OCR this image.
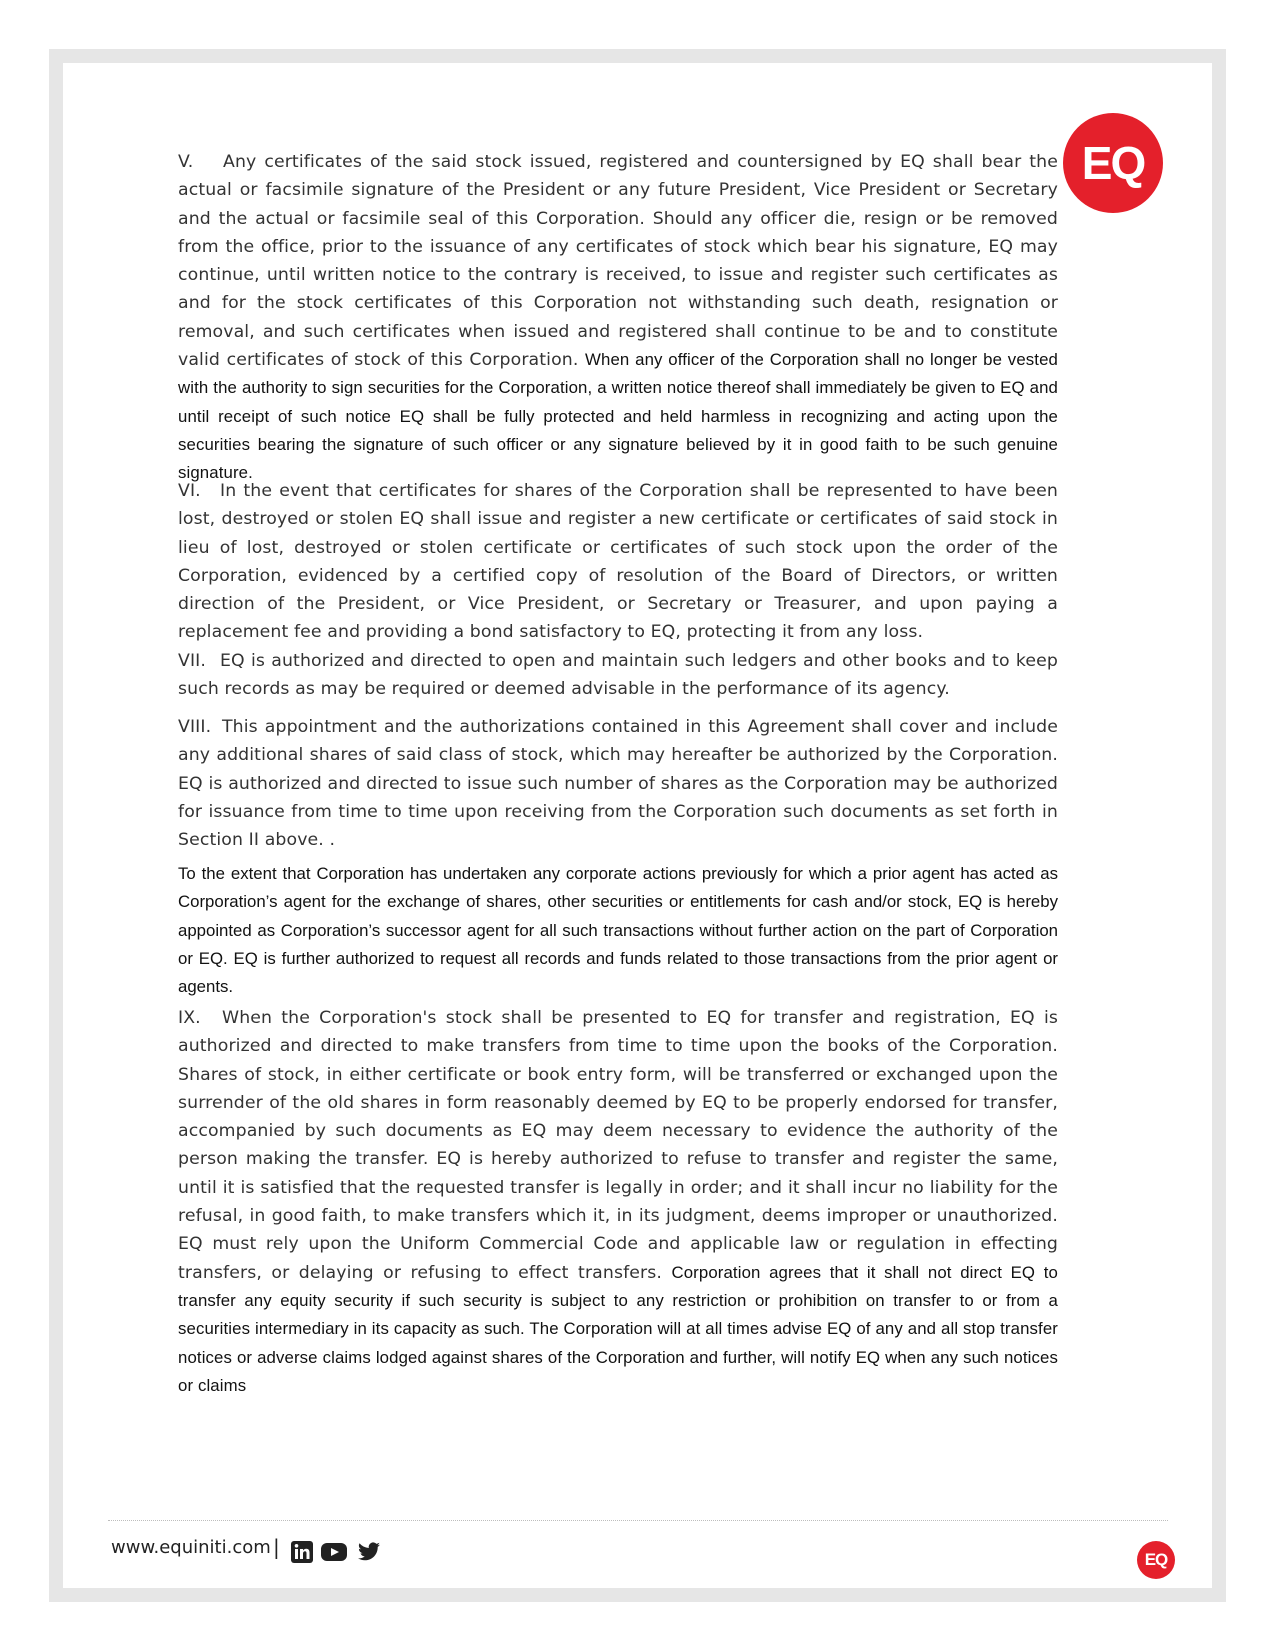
EQ

V. Any certificates of the said stock issued, registered and countersigned by EQ shall bear the actual or facsimile signature of the President or any future President, Vice President or Secretary and the actual or facsimile seal of this Corporation. Should any officer die, resign or be removed from the office, prior to the issuance of any certificates of stock which bear his signature, EQ may continue, until written notice to the contrary is received, to issue and register such certificates as and for the stock certificates of this Corporation not withstanding such death, resignation or removal, and such certificates when issued and registered shall continue to be and to constitute valid certificates of stock of this Corporation. When any officer of the Corporation shall no longer be vested with the authority to sign securities for the Corporation, a written notice thereof shall immediately be given to EQ and until receipt of such notice EQ shall be fully protected and held harmless in recognizing and acting upon the securities bearing the signature of such officer or any signature believed by it in good faith to be such genuine signature.

VI. In the event that certificates for shares of the Corporation shall be represented to have been lost, destroyed or stolen EQ shall issue and register a new certificate or certificates of said stock in lieu of lost, destroyed or stolen certificate or certificates of such stock upon the order of the Corporation, evidenced by a certified copy of resolution of the Board of Directors, or written direction of the President, or Vice President, or Secretary or Treasurer, and upon paying a replacement fee and providing a bond satisfactory to EQ, protecting it from any loss.

VII. EQ is authorized and directed to open and maintain such ledgers and other books and to keep such records as may be required or deemed advisable in the performance of its agency.

VIII. This appointment and the authorizations contained in this Agreement shall cover and include any additional shares of said class of stock, which may hereafter be authorized by the Corporation. EQ is authorized and directed to issue such number of shares as the Corporation may be authorized for issuance from time to time upon receiving from the Corporation such documents as set forth in Section II above. .

To the extent that Corporation has undertaken any corporate actions previously for which a prior agent has acted as Corporation’s agent for the exchange of shares, other securities or entitlements for cash and/or stock, EQ is hereby appointed as Corporation’s successor agent for all such transactions without further action on the part of Corporation or EQ. EQ is further authorized to request all records and funds related to those transactions from the prior agent or agents.

IX. When the Corporation's stock shall be presented to EQ for transfer and registration, EQ is authorized and directed to make transfers from time to time upon the books of the Corporation. Shares of stock, in either certificate or book entry form, will be transferred or exchanged upon the surrender of the old shares in form reasonably deemed by EQ to be properly endorsed for transfer, accompanied by such documents as EQ may deem necessary to evidence the authority of the person making the transfer. EQ is hereby authorized to refuse to transfer and register the same, until it is satisfied that the requested transfer is legally in order; and it shall incur no liability for the refusal, in good faith, to make transfers which it, in its judgment, deems improper or unauthorized. EQ must rely upon the Uniform Commercial Code and applicable law or regulation in effecting transfers, or delaying or refusing to effect transfers. Corporation agrees that it shall not direct EQ to transfer any equity security if such security is subject to any restriction or prohibition on transfer to or from a securities intermediary in its capacity as such. The Corporation will at all times advise EQ of any and all stop transfer notices or adverse claims lodged against shares of the Corporation and further, will notify EQ when any such notices or claims

www.equiniti.com |
EQ
